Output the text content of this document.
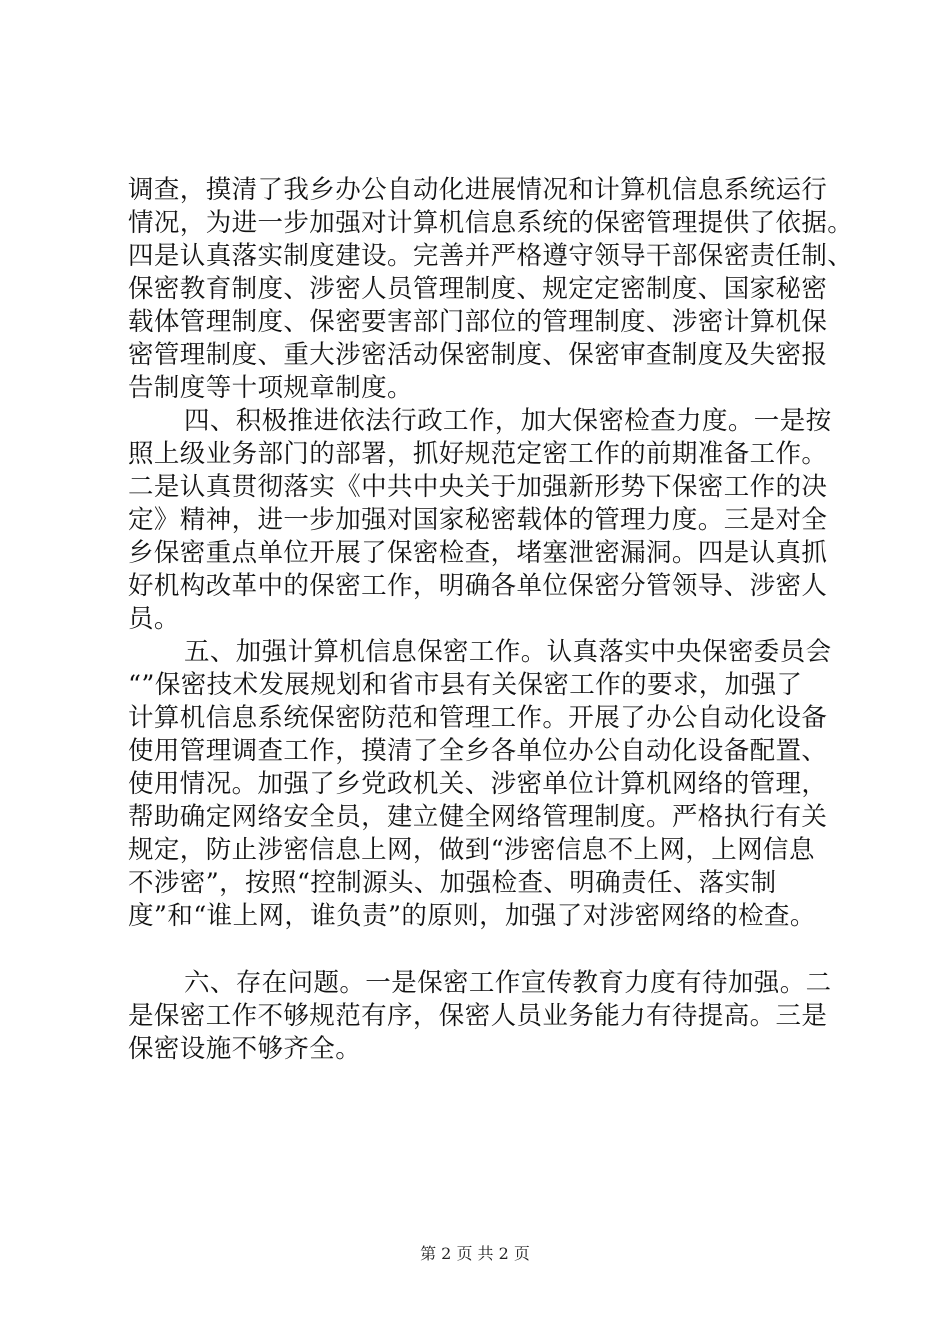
调查，摸清了我乡办公自动化进展情况和计算机信息系统运行
情况，为进一步加强对计算机信息系统的保密管理提供了依据。
四是认真落实制度建设。完善并严格遵守领导干部保密责任制、
保密教育制度、涉密人员管理制度、规定定密制度、国家秘密
载体管理制度、保密要害部门部位的管理制度、涉密计算机保
密管理制度、重大涉密活动保密制度、保密审查制度及失密报
告制度等十项规章制度。
四、积极推进依法行政工作，加大保密检查力度。一是按
照上级业务部门的部署，抓好规范定密工作的前期准备工作。
二是认真贯彻落实《中共中央关于加强新形势下保密工作的决
定》精神，进一步加强对国家秘密载体的管理力度。三是对全
乡保密重点单位开展了保密检查，堵塞泄密漏洞。四是认真抓
好机构改革中的保密工作，明确各单位保密分管领导、涉密人
员。
五、加强计算机信息保密工作。认真落实中央保密委员会
“”保密技术发展规划和省市县有关保密工作的要求，加强了
计算机信息系统保密防范和管理工作。开展了办公自动化设备
使用管理调查工作，摸清了全乡各单位办公自动化设备配置、
使用情况。加强了乡党政机关、涉密单位计算机网络的管理，
帮助确定网络安全员，建立健全网络管理制度。严格执行有关
规定，防止涉密信息上网，做到“涉密信息不上网，上网信息
不涉密”，按照“控制源头、加强检查、明确责任、落实制
度”和“谁上网，谁负责”的原则，加强了对涉密网络的检查。
六、存在问题。一是保密工作宣传教育力度有待加强。二
是保密工作不够规范有序，保密人员业务能力有待提高。三是
保密设施不够齐全。
第 2 页 共 2 页
